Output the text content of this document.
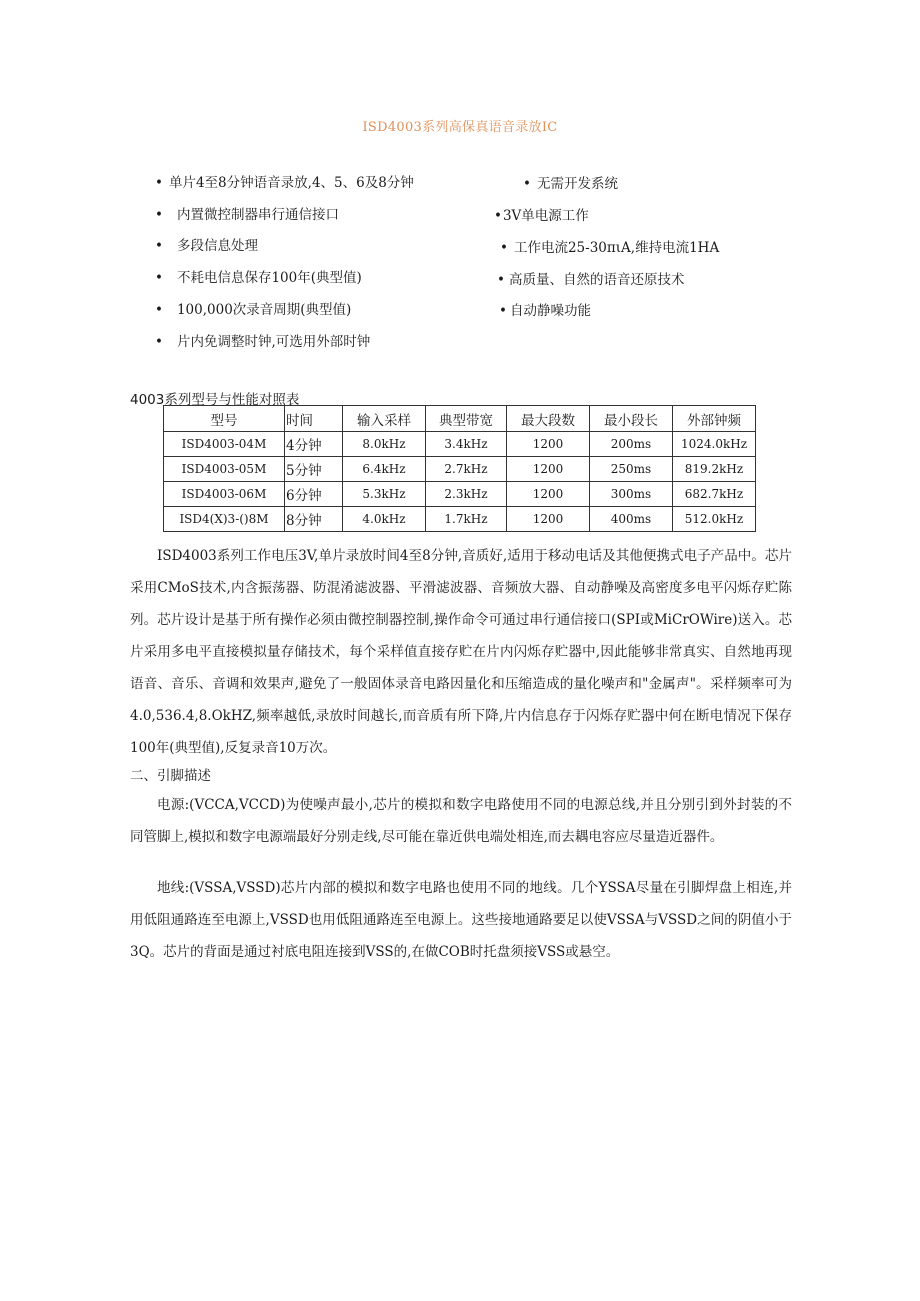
ISD4003系列高保真语音录放IC
• 单片4至8分钟语音录放,4、5、6及8分钟
• 内置微控制器串行通信接口
• 多段信息处理
• 不耗电信息保存100年(典型值)
• 100,000次录音周期(典型值)
• 片内免调整时钟,可选用外部时钟
• 无需开发系统
•3V单电源工作
• 工作电流25-30πιA,维持电流1HA
• 高质量、自然的语音还原技术
• 自动静噪功能
4003系列型号与性能对照表
型号	时间	输入采样	典型带宽	最大段数	最小段长	外部钟频
ISD4003-04M	4分钟	8.0kHz	3.4kHz	1200	200ms	1024.0kHz
ISD4003-05M	5分钟	6.4kHz	2.7kHz	1200	250ms	819.2kHz
ISD4003-06M	6分钟	5.3kHz	2.3kHz	1200	300ms	682.7kHz
ISD4(X)3-()8M	8分钟	4.0kHz	1.7kHz	1200	400ms	512.0kHz

ISD4003系列工作电压3V,单片录放时间4至8分钟,音质好,适用于移动电话及其他便携式电子产品中。芯片采用CMoS技术,内含振荡器、防混淆滤波器、平滑滤波器、音频放大器、自动静噪及高密度多电平闪烁存贮陈列。芯片设计是基于所有操作必须由微控制器控制,操作命令可通过串行通信接口(SPI或MiCrOWire)送入。芯片采用多电平直接模拟量存储技术，每个采样值直接存贮在片内闪烁存贮器中,因此能够非常真实、自然地再现语音、音乐、音调和效果声,避免了一般固体录音电路因量化和压缩造成的量化噪声和"金属声"。采样频率可为4.0,536.4,8.OkHZ,频率越低,录放时间越长,而音质有所下降,片内信息存于闪烁存贮器中何在断电情况下保存100年(典型值),反复录音10万次。

二、引脚描述

电源:(VCCA,VCCD)为使噪声最小,芯片的模拟和数字电路使用不同的电源总线,并且分别引到外封装的不同管脚上,模拟和数字电源端最好分别走线,尽可能在靠近供电端处相连,而去耦电容应尽量造近器件。

地线:(VSSA,VSSD)芯片内部的模拟和数字电路也使用不同的地线。几个YSSA尽量在引脚焊盘上相连,并用低阻通路连至电源上,VSSD也用低阻通路连至电源上。这些接地通路要足以使VSSA与VSSD之间的阴值小于3Q。芯片的背面是通过衬底电阻连接到VSS的,在做COB时托盘须接VSS或悬空。
